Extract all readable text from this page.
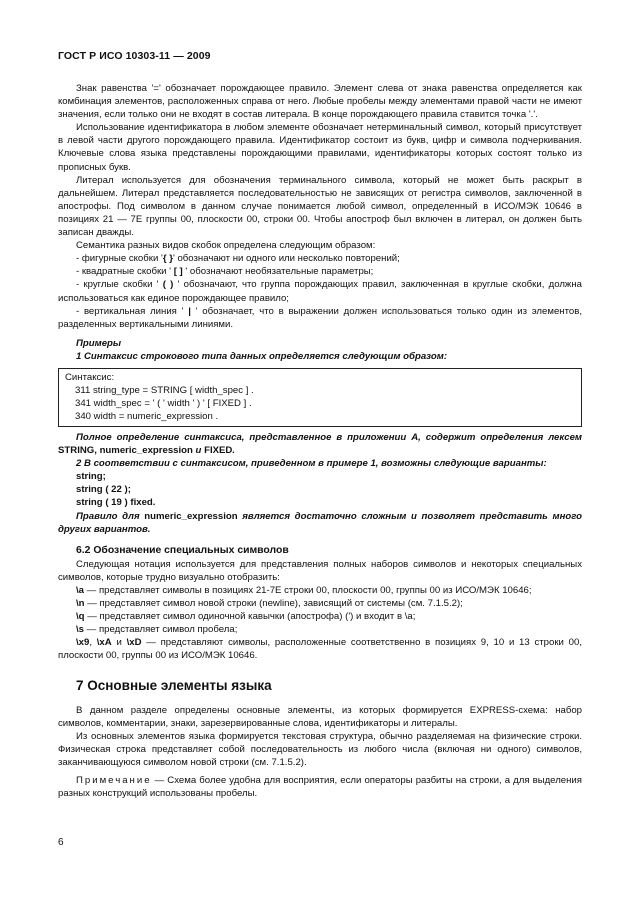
ГОСТ Р ИСО 10303-11 — 2009

Знак равенства '=' обозначает порождающее правило. Элемент слева от знака равенства определяется как комбинация элементов, расположенных справа от него. Любые пробелы между элементами правой части не имеют значения, если только они не входят в состав литерала. В конце порождающего правила ставится точка '.'.

Использование идентификатора в любом элементе обозначает нетерминальный символ, который присутствует в левой части другого порождающего правила. Идентификатор состоит из букв, цифр и символа подчеркивания. Ключевые слова языка представлены порождающими правилами, идентификаторы которых состоят только из прописных букв.

Литерал используется для обозначения терминального символа, который не может быть раскрыт в дальнейшем. Литерал представляется последовательностью не зависящих от регистра символов, заключенной в апострофы. Под символом в данном случае понимается любой символ, определенный в ИСО/МЭК 10646 в позициях 21 — 7E группы 00, плоскости 00, строки 00. Чтобы апостроф был включен в литерал, он должен быть записан дважды.

Семантика разных видов скобок определена следующим образом:

- фигурные скобки '{ }' обозначают ни одного или несколько повторений;

- квадратные скобки ' [ ] ' обозначают необязательные параметры;

- круглые скобки ' ( ) ' обозначают, что группа порождающих правил, заключенная в круглые скобки, должна использоваться как единое порождающее правило;

- вертикальная линия ' | ' обозначает, что в выражении должен использоваться только один из элементов, разделенных вертикальными линиями.

Примеры

1 Синтаксис строкового типа данных определяется следующим образом:

Синтаксис:

311 string_type = STRING [ width_spec ] .

341 width_spec = ' ( ' width ' ) ' [ FIXED ] .

340 width = numeric_expression .

Полное определение синтаксиса, представленное в приложении А, содержит определения лексем STRING, numeric_expression и FIXED.

2 В соответствии с синтаксисом, приведенном в примере 1, возможны следующие варианты:

string;

string ( 22 );

string ( 19 ) fixed.

Правило для numeric_expression является достаточно сложным и позволяет представить много других вариантов.

6.2 Обозначение специальных символов

Следующая нотация используется для представления полных наборов символов и некоторых специальных символов, которые трудно визуально отобразить:

\a — представляет символы в позициях 21-7E строки 00, плоскости 00, группы 00 из ИСО/МЭК 10646;

\n — представляет символ новой строки (newline), зависящий от системы (см. 7.1.5.2);

\q — представляет символ одиночной кавычки (апострофа) (') и входит в \a;

\s — представляет символ пробела;

\x9, \xA и \xD — представляют символы, расположенные соответственно в позициях 9, 10 и 13 строки 00, плоскости 00, группы 00 из ИСО/МЭК 10646.

7 Основные элементы языка

В данном разделе определены основные элементы, из которых формируется EXPRESS-схема: набор символов, комментарии, знаки, зарезервированные слова, идентификаторы и литералы.

Из основных элементов языка формируется текстовая структура, обычно разделяемая на физические строки. Физическая строка представляет собой последовательность из любого числа (включая ни одного) символов, заканчивающуюся символом новой строки (см. 7.1.5.2).

Примечание — Схема более удобна для восприятия, если операторы разбиты на строки, а для выделения разных конструкций использованы пробелы.

6
